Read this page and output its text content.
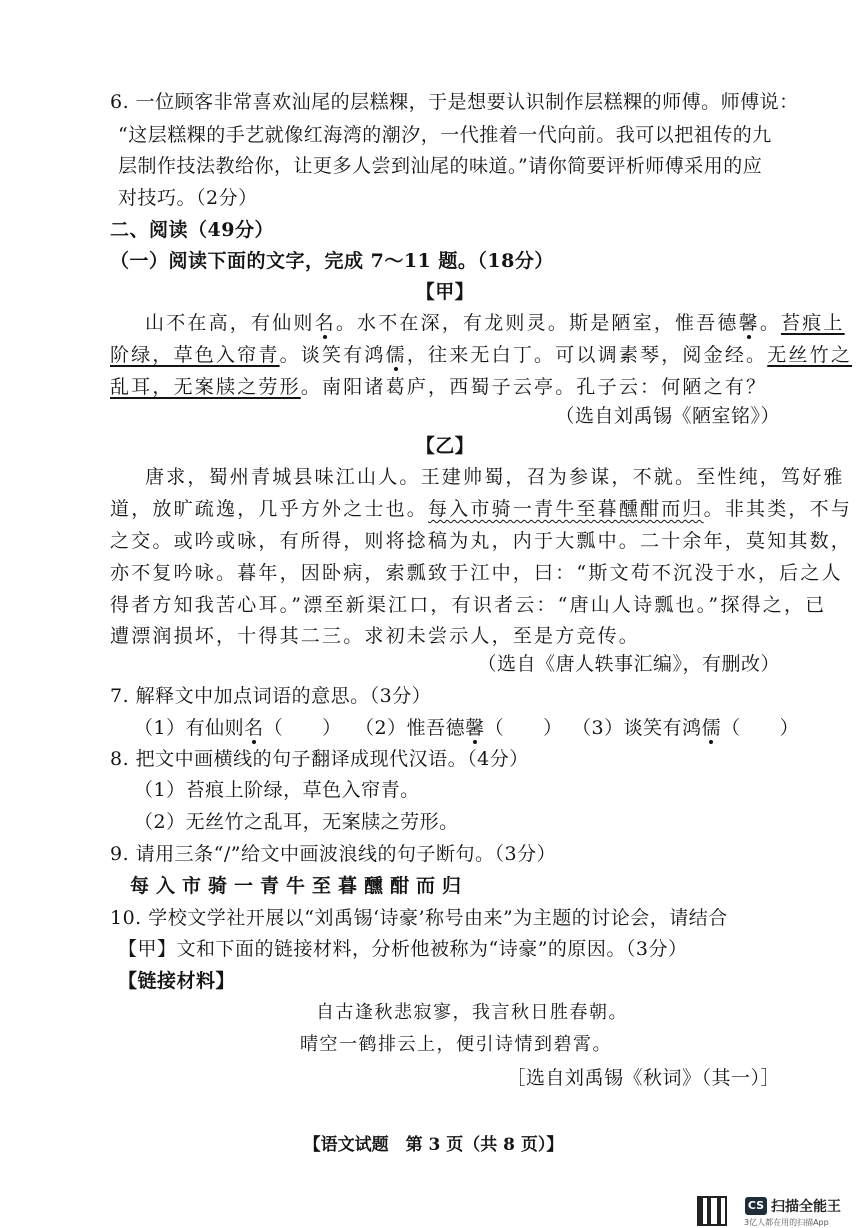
6. 一位顾客非常喜欢汕尾的层糕粿，于是想要认识制作层糕粿的师傅。师傅说：
“这层糕粿的手艺就像红海湾的潮汐，一代推着一代向前。我可以把祖传的九
层制作技法教给你，让更多人尝到汕尾的味道。”请你简要评析师傅采用的应
对技巧。（2分）
二、阅读（49分）
（一）阅读下面的文字，完成 7～11 题。（18分）
【甲】
山不在高，有仙则名。水不在深，有龙则灵。斯是陋室，惟吾德馨。苔痕上
阶绿，草色入帘青。谈笑有鸿儒，往来无白丁。可以调素琴，阅金经。无丝竹之
乱耳，无案牍之劳形。南阳诸葛庐，西蜀子云亭。孔子云：何陋之有？
（选自刘禹锡《陋室铭》）
【乙】
唐求，蜀州青城县味江山人。王建帅蜀，召为参谋，不就。至性纯，笃好雅
道，放旷疏逸，几乎方外之士也。每入市骑一青牛至暮醺酣而归。非其类，不与
之交。或吟或咏，有所得，则将捻稿为丸，内于大瓢中。二十余年，莫知其数，
亦不复吟咏。暮年，因卧病，索瓢致于江中，曰：“斯文苟不沉没于水，后之人
得者方知我苦心耳。”漂至新渠江口，有识者云：“唐山人诗瓢也。”探得之，已
遭漂润损坏，十得其二三。求初未尝示人，至是方竞传。
（选自《唐人轶事汇编》，有删改）
7. 解释文中加点词语的意思。（3分）
（1）有仙则名（　　） （2）惟吾德馨（　　） （3）谈笑有鸿儒（　　）
8. 把文中画横线的句子翻译成现代汉语。（4分）
（1）苔痕上阶绿，草色入帘青。
（2）无丝竹之乱耳，无案牍之劳形。
9. 请用三条“/”给文中画波浪线的句子断句。（3分）
每入市骑一青牛至暮醺酣而归
10. 学校文学社开展以“刘禹锡‘诗豪’称号由来”为主题的讨论会，请结合
【甲】文和下面的链接材料，分析他被称为“诗豪”的原因。（3分）
【链接材料】
自古逢秋悲寂寥，我言秋日胜春朝。
晴空一鹤排云上，便引诗情到碧霄。
［选自刘禹锡《秋词》（其一）］
【语文试题　第 3 页（共 8 页）】
CS 扫描全能王
3亿人都在用的扫描App
